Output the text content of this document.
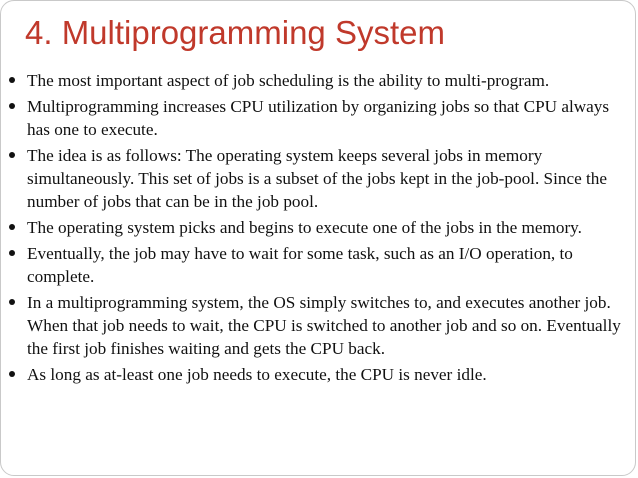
4. Multiprogramming System
The most important aspect of job scheduling is the ability to multi-program.
Multiprogramming increases CPU utilization by organizing jobs so that CPU always has one to execute.
The idea is as follows: The operating system keeps several jobs in memory simultaneously. This set of jobs is a subset of the jobs kept in the job-pool. Since the number of jobs that can be in the job pool.
The operating system picks and begins to execute one of the jobs in the memory.
Eventually, the job may have to wait for some task, such as an I/O operation, to complete.
In a multiprogramming system, the OS simply switches to, and executes another job. When that job needs to wait, the CPU is switched to another job and so on. Eventually the first job finishes waiting and gets the CPU back.
As long as at-least one job needs to execute, the CPU is never idle.
